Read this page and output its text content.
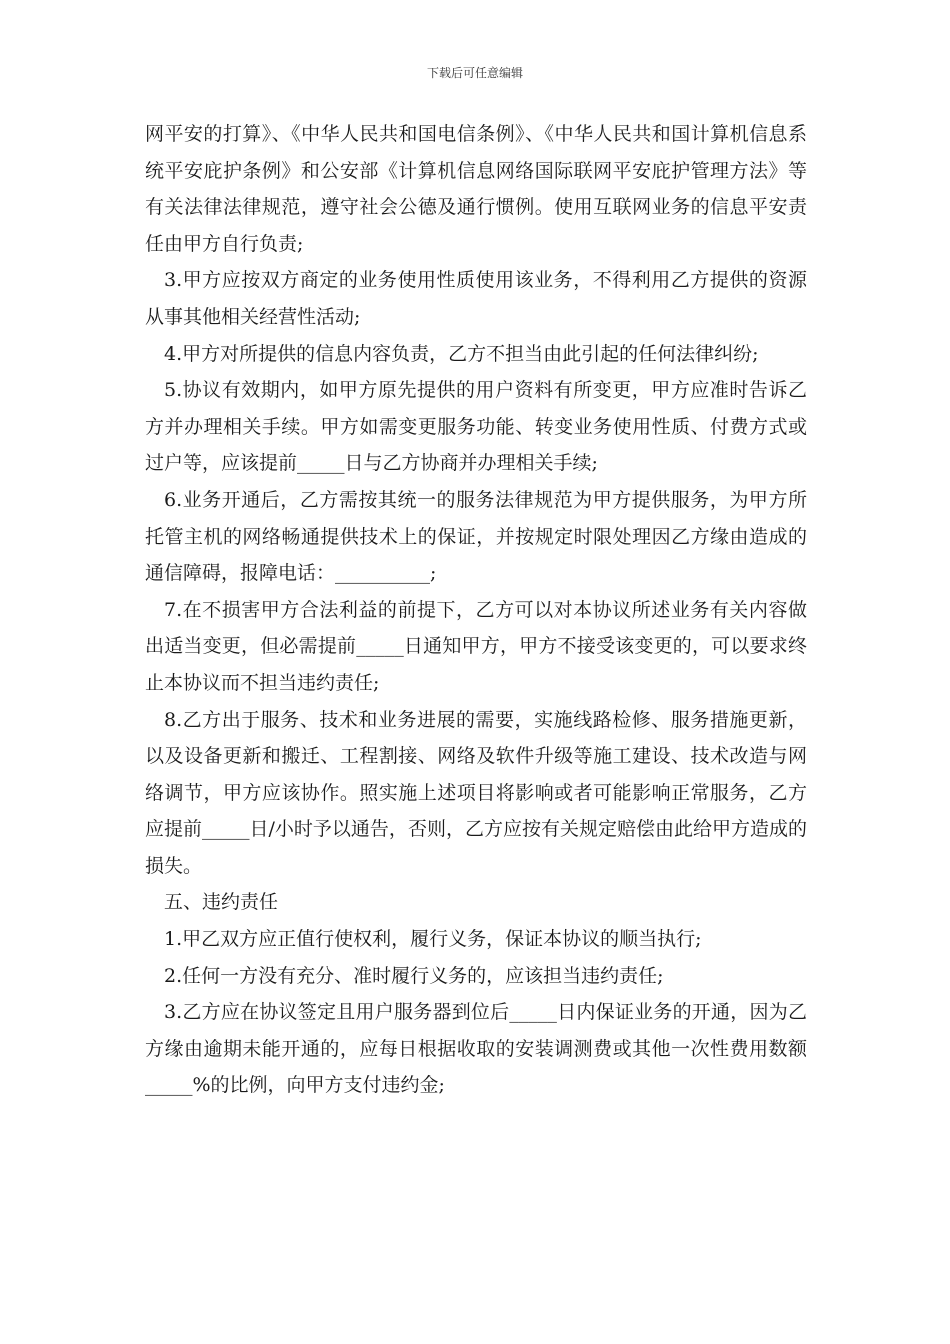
下载后可任意编辑

网平安的打算》、《中华人民共和国电信条例》、《中华人民共和国计算机信息系统平安庇护条例》和公安部《计算机信息网络国际联网平安庇护管理方法》等有关法律法律规范，遵守社会公德及通行惯例。使用互联网业务的信息平安责任由甲方自行负责;

3.甲方应按双方商定的业务使用性质使用该业务，不得利用乙方提供的资源从事其他相关经营性活动;

4.甲方对所提供的信息内容负责，乙方不担当由此引起的任何法律纠纷;

5.协议有效期内，如甲方原先提供的用户资料有所变更，甲方应准时告诉乙方并办理相关手续。甲方如需变更服务功能、转变业务使用性质、付费方式或过户等，应该提前_____日与乙方协商并办理相关手续;

6.业务开通后，乙方需按其统一的服务法律规范为甲方提供服务，为甲方所托管主机的网络畅通提供技术上的保证，并按规定时限处理因乙方缘由造成的通信障碍，报障电话：__________;

7.在不损害甲方合法利益的前提下，乙方可以对本协议所述业务有关内容做出适当变更，但必需提前_____日通知甲方，甲方不接受该变更的，可以要求终止本协议而不担当违约责任;

8.乙方出于服务、技术和业务进展的需要，实施线路检修、服务措施更新，以及设备更新和搬迁、工程割接、网络及软件升级等施工建设、技术改造与网络调节，甲方应该协作。照实施上述项目将影响或者可能影响正常服务，乙方应提前_____日/小时予以通告，否则，乙方应按有关规定赔偿由此给甲方造成的损失。

五、违约责任

1.甲乙双方应正值行使权利，履行义务，保证本协议的顺当执行;

2.任何一方没有充分、准时履行义务的，应该担当违约责任;

3.乙方应在协议签定且用户服务器到位后_____日内保证业务的开通，因为乙方缘由逾期未能开通的，应每日根据收取的安装调测费或其他一次性费用数额_____%的比例，向甲方支付违约金;
